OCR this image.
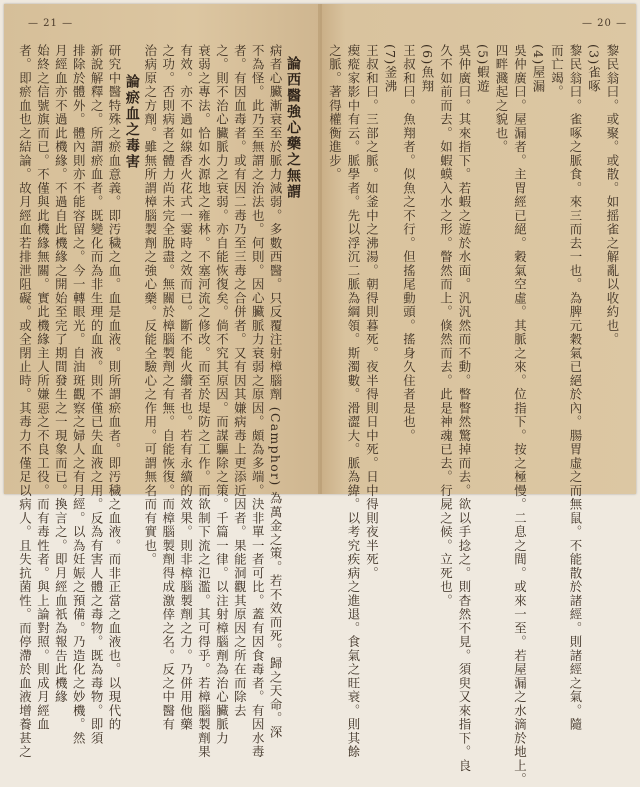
— 21 —
論西醫強心藥之無謂
病者心臟漸衰至於脈力減弱。多數西醫。只反覆注射樟腦劑 (Camphor) 為萬金之策。若不效而死。歸之天命。深
不為怪。此乃至無謂之治法也。何則。因心臟脈力衰弱之原因。頗為多端。決非單一者可比。蓋有因食毒者。有因水毒
者。有因血毒者。或有因二毒乃至三毒之合併者。又有因其嫌病毒上更添近因者。果能洞觀其原因之所在而除去
之。則不治心臟脈力之衰弱。亦自能恢復矣。倘不究其原因。而謀驅除之策。千篇一律。以注射樟腦劑為治心臟脈力
衰弱之專法。恰如水源地之雍林。不塞河流之修改。而至於堤防之工作。而欲制下流之氾濫。其可得乎。若樟腦製劑果
有效。亦不過如線香火花式一霎時之效而已。斷不能火纘者也。若有永續的效果。則非樟腦製劑之力。乃併用他藥
之功。否則病者之體力尚未完全脫盡。無關於樟腦製劑之有無。自能恢復。而樟腦製劑得成激倖之名。反之中醫有
治病原之方劑。雖無所謂樟腦製劑之強心藥。反能全驗心之作用。可謂無名而有實也。
論瘀血之毒害
研究中醫特殊之瘀血意義。即汚穢之血。血是血液。則所謂瘀血者。即汚穢之血液。而非正當之血液也。以現代的
新說解釋之。所謂瘀血者。既變化而為非生理的血液。則不僅已失血液之用。反為有害人體之毒物。既為毒物。即須
排除於體外。體內則亦不能容留之。今一轉眼光。自油斑觀察之婦人之有月經。以為妊娠之預備。乃造化之妙機。然
月經血亦不過此機緣。不過自此機緣之開始至完了期間發生之一現象而已。換言之。即月經血祇為報告此機緣
始終之信號旗而已。不僅與此機緣無關。實此機緣主人所嫌惡之不良工役。而有毒性者。與上論對照。則成月經血
者。即瘀血也之結論。故月經血若排泄阻礙。或全閉止時。其毒力不僅足以病人。且失抗菌性。而停滯於血液增養甚之
— 20 —
黎民翁曰。或聚。或散。如摇雀之解亂以收約也。
(3)雀啄
黎民翁曰。雀啄之脈食。來三而去一也。為脾元穀氣已絕於內。腸胃虛之而無鼠。不能散於諸經。則諸經之氣。隨
而亡竭。
(4)屋漏
吳仲廣曰。屋漏者。主胃經已絕。穀氣空虛。其脈之來。位指下。按之極慢。二息之間。或來一至。若屋漏之水滴於地上。
四畔濺起之貌也。
(5)蝦遊
吳仲廣曰。其來指下。若蝦之遊於水面。汎汎然而不動。瞥瞥然驚掉而去。欲以手捻之。則杳然不見。須臾又來指下。良
久不如前而去。如蝦蟆入水之形。瞥然而上。倏然而去。此是神魂已去。行屍之候。立死也。
(6)魚翔
王叔和曰。魚翔者。似魚之不行。但搖尾動頭。搖身久住者是也。
(7)釜沸
王叔和曰。三部之脈。如釜中之沸湯。朝得則暮死。夜半得則日中死。日中得則夜半死。
瘈瘲家影中有云。脈學者。先以浮沉二脈為綱領。斯濁數。滑澀大。脈為緯。以考究疾病之進退。食氣之旺衰。則其餘
之脈。著得權衡進步。
